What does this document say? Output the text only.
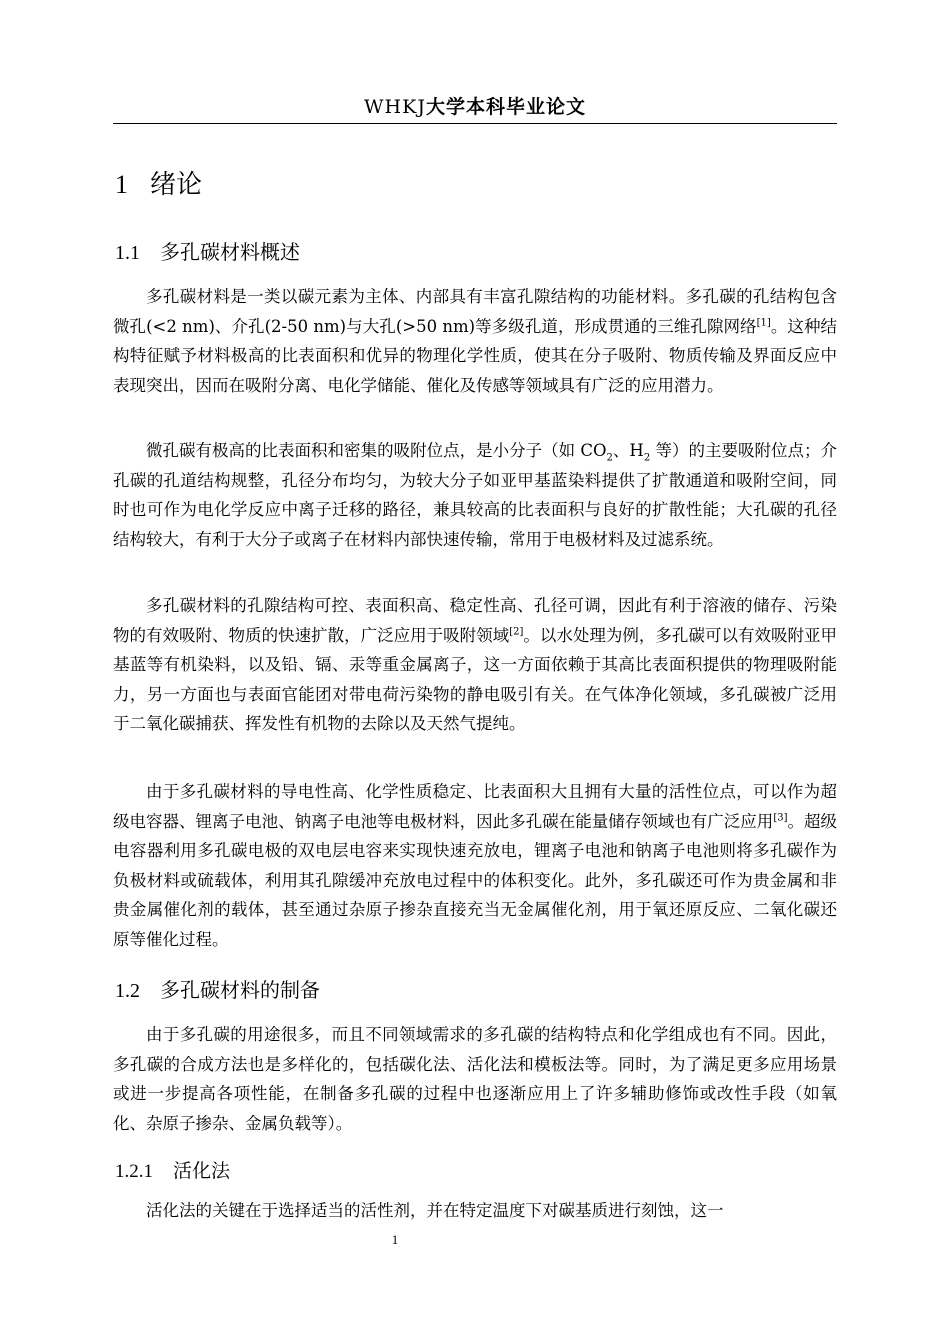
WHKJ大学本科毕业论文
1 绪论
1.1 多孔碳材料概述

多孔碳材料是一类以碳元素为主体、内部具有丰富孔隙结构的功能材料。多孔碳的孔结构包含微孔(<2 nm)、介孔(2-50 nm)与大孔(>50 nm)等多级孔道，形成贯通的三维孔隙网络[1]。这种结构特征赋予材料极高的比表面积和优异的物理化学性质，使其在分子吸附、物质传输及界面反应中表现突出，因而在吸附分离、电化学储能、催化及传感等领域具有广泛的应用潜力。

微孔碳有极高的比表面积和密集的吸附位点，是小分子（如 $CO_2$、$H_2$ 等）的主要吸附位点；介孔碳的孔道结构规整，孔径分布均匀，为较大分子如亚甲基蓝染料提供了扩散通道和吸附空间，同时也可作为电化学反应中离子迁移的路径，兼具较高的比表面积与良好的扩散性能；大孔碳的孔径结构较大，有利于大分子或离子在材料内部快速传输，常用于电极材料及过滤系统。

多孔碳材料的孔隙结构可控、表面积高、稳定性高、孔径可调，因此有利于溶液的储存、污染物的有效吸附、物质的快速扩散，广泛应用于吸附领域[2]。以水处理为例，多孔碳可以有效吸附亚甲基蓝等有机染料，以及铅、镉、汞等重金属离子，这一方面依赖于其高比表面积提供的物理吸附能力，另一方面也与表面官能团对带电荷污染物的静电吸引有关。在气体净化领域，多孔碳被广泛用于二氧化碳捕获、挥发性有机物的去除以及天然气提纯。

由于多孔碳材料的导电性高、化学性质稳定、比表面积大且拥有大量的活性位点，可以作为超级电容器、锂离子电池、钠离子电池等电极材料，因此多孔碳在能量储存领域也有广泛应用[3]。超级电容器利用多孔碳电极的双电层电容来实现快速充放电，锂离子电池和钠离子电池则将多孔碳作为负极材料或硫载体，利用其孔隙缓冲充放电过程中的体积变化。此外，多孔碳还可作为贵金属和非贵金属催化剂的载体，甚至通过杂原子掺杂直接充当无金属催化剂，用于氧还原反应、二氧化碳还原等催化过程。

1.2 多孔碳材料的制备

由于多孔碳的用途很多，而且不同领域需求的多孔碳的结构特点和化学组成也有不同。因此，多孔碳的合成方法也是多样化的，包括碳化法、活化法和模板法等。同时，为了满足更多应用场景或进一步提高各项性能，在制备多孔碳的过程中也逐渐应用上了许多辅助修饰或改性手段（如氧化、杂原子掺杂、金属负载等）。

1.2.1 活化法

活化法的关键在于选择适当的活性剂，并在特定温度下对碳基质进行刻蚀，这一

1
